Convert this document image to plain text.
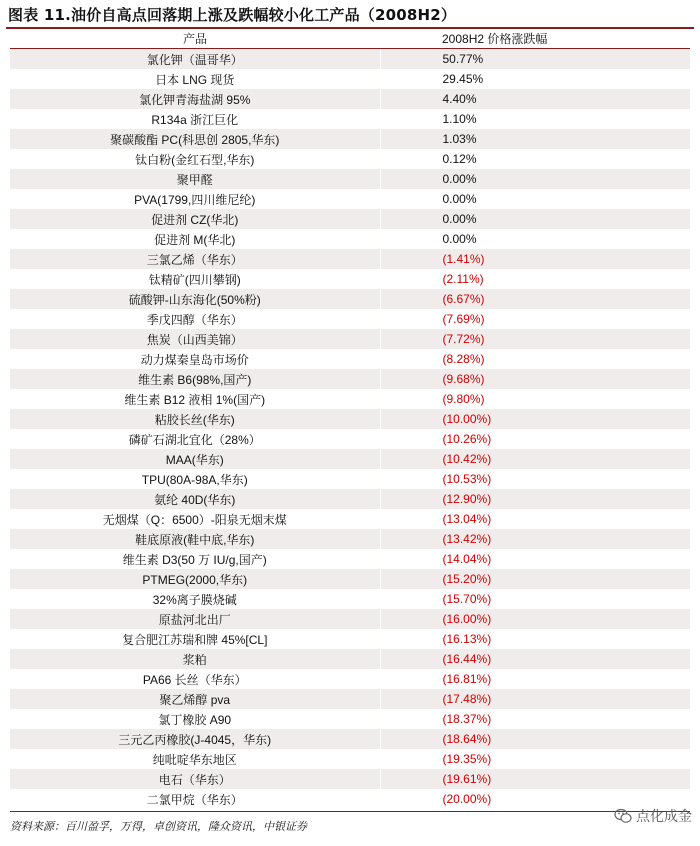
图表 11.油价自高点回落期上涨及跌幅较小化工产品（2008H2）
产品	2008H2 价格涨跌幅
氯化钾（温哥华）	50.77%
日本 LNG 现货	29.45%
氯化钾青海盐湖 95%	4.40%
R134a 浙江巨化	1.10%
聚碳酸酯 PC(科思创 2805,华东)	1.03%
钛白粉(金红石型,华东)	0.12%
聚甲醛	0.00%
PVA(1799,四川维尼纶)	0.00%
促进剂 CZ(华北)	0.00%
促进剂 M(华北)	0.00%
三氯乙烯（华东）	(1.41%)
钛精矿(四川攀钢)	(2.11%)
硫酸钾-山东海化(50%粉)	(6.67%)
季戊四醇（华东）	(7.69%)
焦炭（山西美锦）	(7.72%)
动力煤秦皇岛市场价	(8.28%)
维生素 B6(98%,国产)	(9.68%)
维生素 B12 液相 1%(国产)	(9.80%)
粘胶长丝(华东)	(10.00%)
磷矿石湖北宜化（28%）	(10.26%)
MAA(华东)	(10.42%)
TPU(80A-98A,华东)	(10.53%)
氨纶 40D(华东)	(12.90%)
无烟煤（Q：6500）-阳泉无烟末煤	(13.04%)
鞋底原液(鞋中底,华东)	(13.42%)
维生素 D3(50 万 IU/g,国产)	(14.04%)
PTMEG(2000,华东)	(15.20%)
32%离子膜烧碱	(15.70%)
原盐河北出厂	(16.00%)
复合肥江苏瑞和牌 45%[CL]	(16.13%)
浆粕	(16.44%)
PA66 长丝（华东）	(16.81%)
聚乙烯醇 pva	(17.48%)
氯丁橡胶 A90	(18.37%)
三元乙丙橡胶(J-4045，华东)	(18.64%)
纯吡啶华东地区	(19.35%)
电石（华东）	(19.61%)
二氯甲烷（华东）	(20.00%)
资料来源：百川盈孚，万得，卓创资讯，隆众资讯，中银证券
点化成金
